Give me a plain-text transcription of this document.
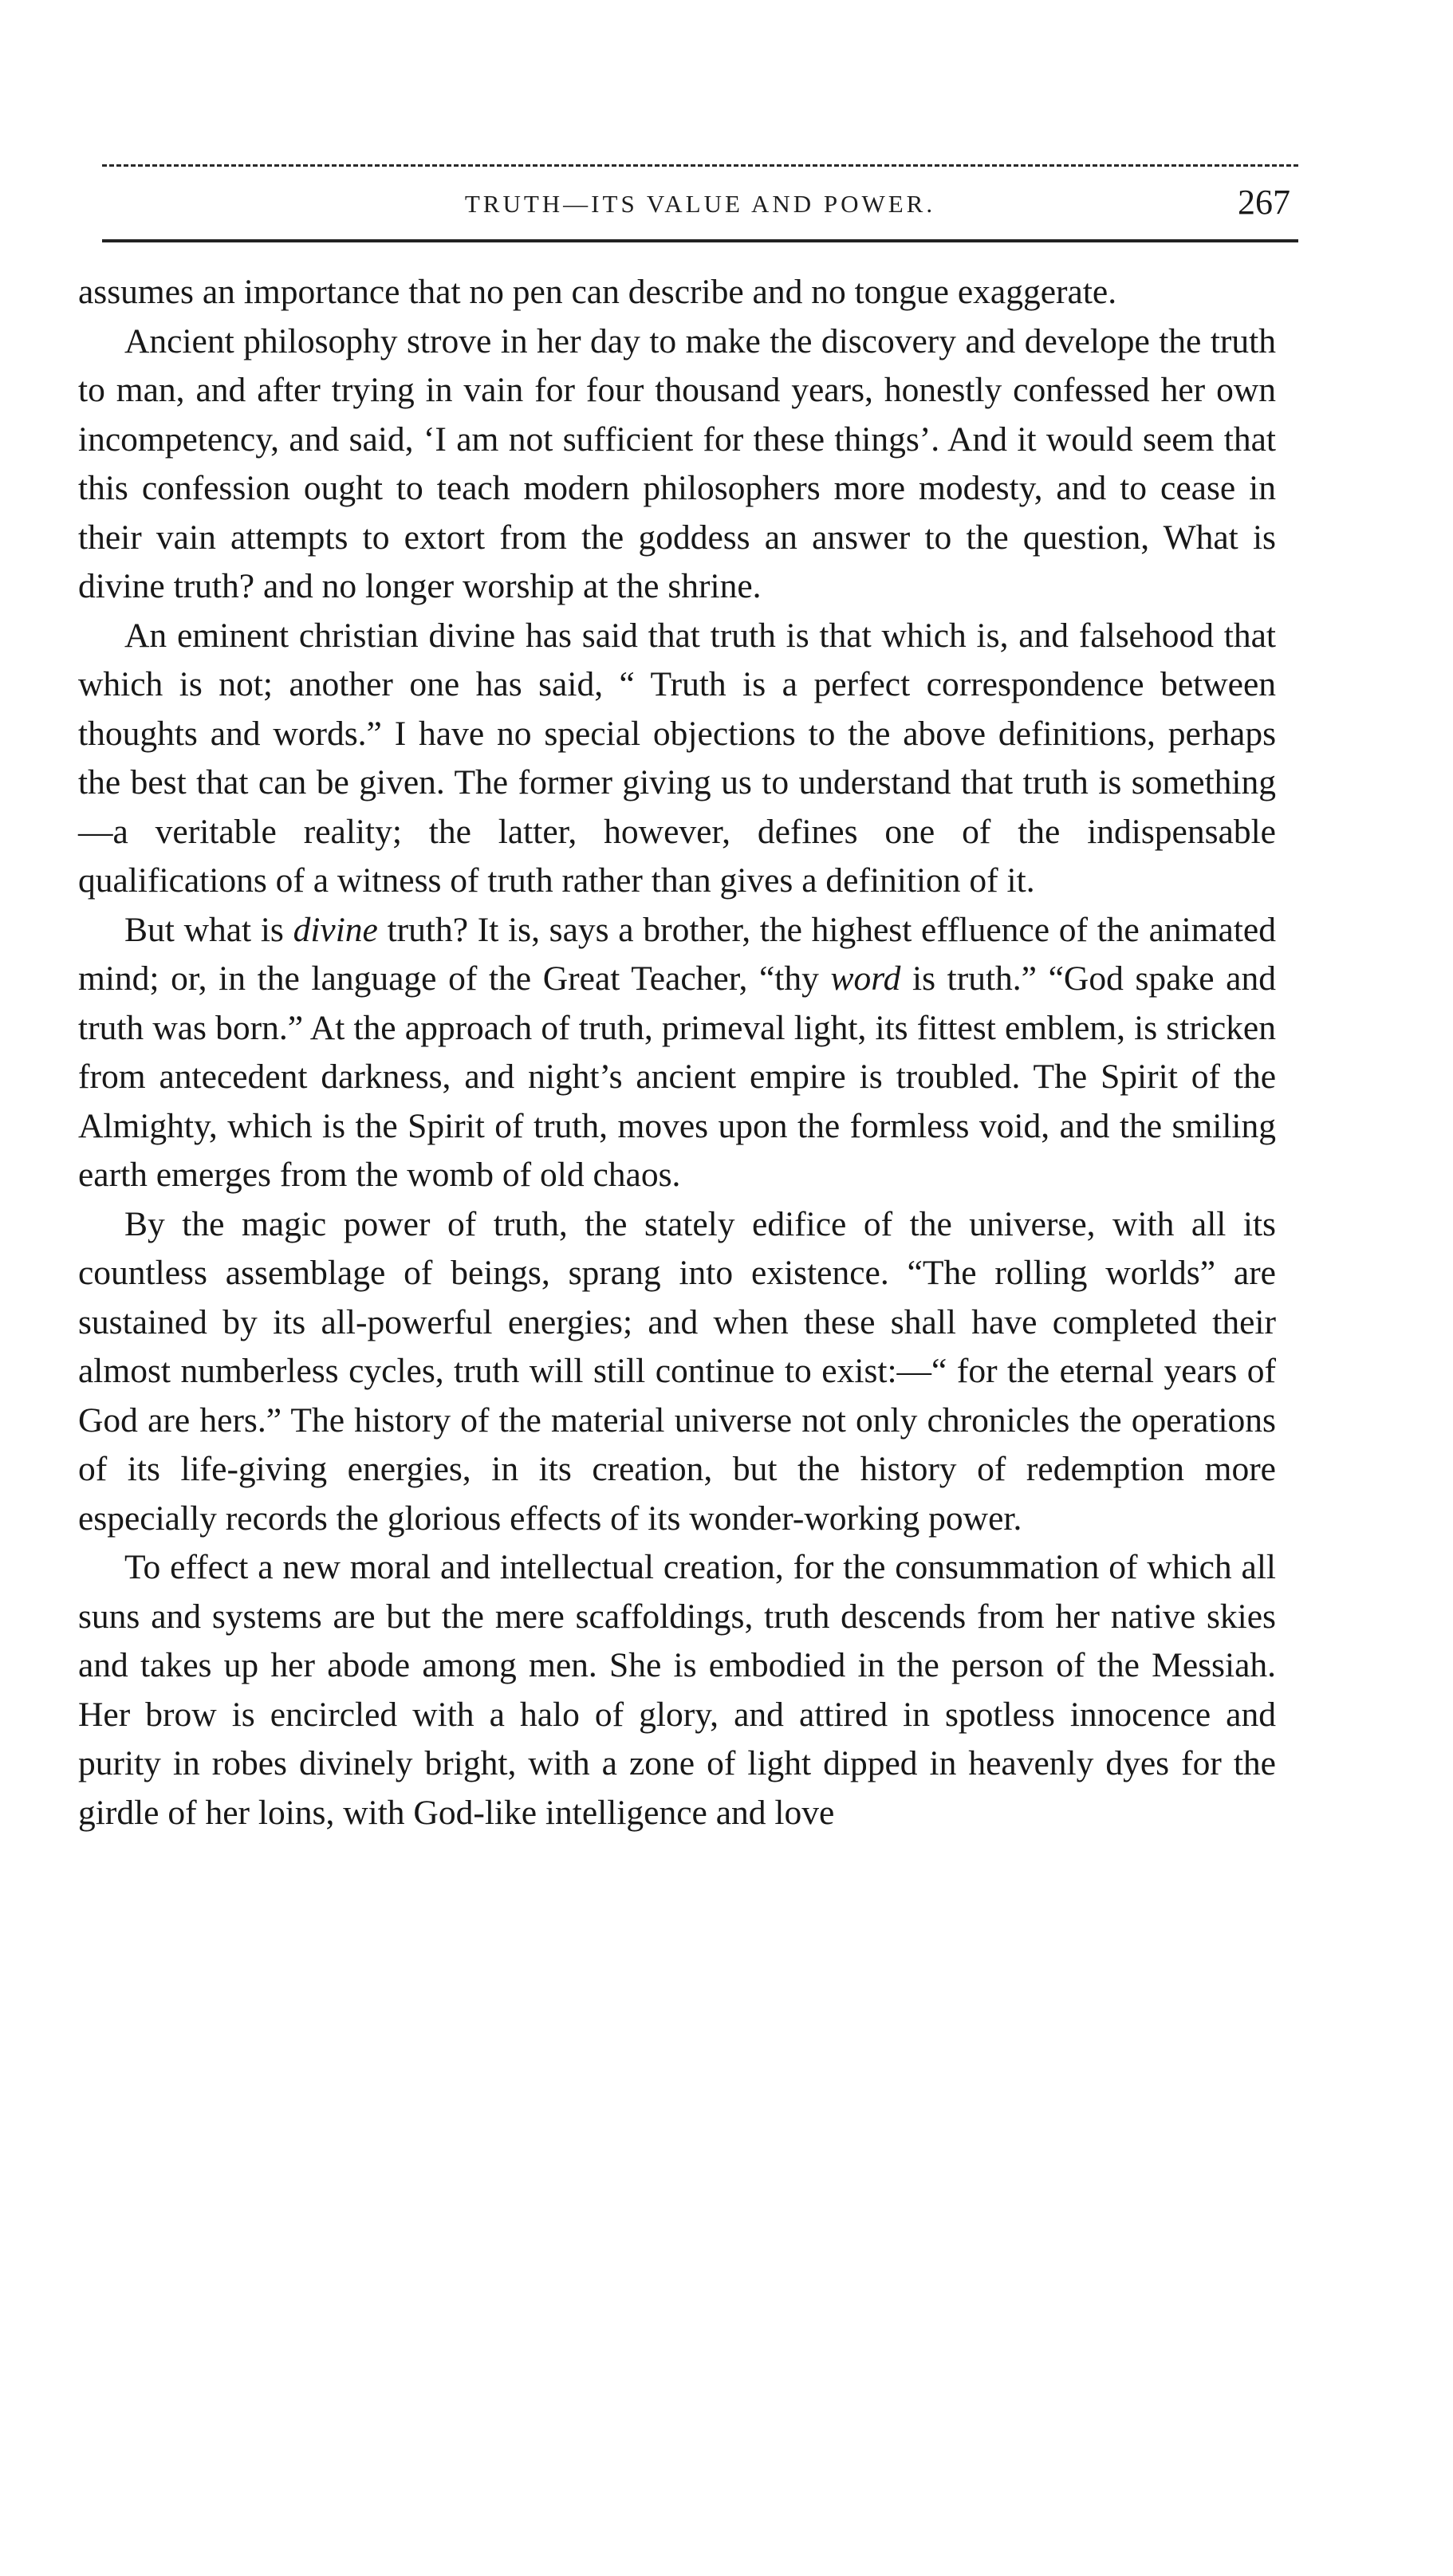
TRUTH—ITS VALUE AND POWER.	267

assumes an importance that no pen can describe and no tongue exaggerate.

Ancient philosophy strove in her day to make the discovery and develope the truth to man, and after trying in vain for four thousand years, honestly confessed her own incompetency, and said, ‘I am not sufficient for these things’. And it would seem that this confession ought to teach modern philosophers more modesty, and to cease in their vain attempts to extort from the goddess an answer to the question, What is divine truth? and no longer worship at the shrine.

An eminent christian divine has said that truth is that which is, and falsehood that which is not; another one has said, “ Truth is a perfect correspondence between thoughts and words.” I have no special objections to the above definitions, perhaps the best that can be given. The former giving us to understand that truth is something—a veritable reality; the latter, however, defines one of the indispensable qualifications of a witness of truth rather than gives a definition of it.

But what is divine truth? It is, says a brother, the highest effluence of the animated mind; or, in the language of the Great Teacher, “thy word is truth.” “God spake and truth was born.” At the approach of truth, primeval light, its fittest emblem, is stricken from antecedent darkness, and night’s ancient empire is troubled. The Spirit of the Almighty, which is the Spirit of truth, moves upon the formless void, and the smiling earth emerges from the womb of old chaos.

By the magic power of truth, the stately edifice of the universe, with all its countless assemblage of beings, sprang into existence. “The rolling worlds” are sustained by its all-powerful energies; and when these shall have completed their almost numberless cycles, truth will still continue to exist:—“ for the eternal years of God are hers.” The history of the material universe not only chronicles the operations of its life-giving energies, in its creation, but the history of redemption more especially records the glorious effects of its wonder-working power.

To effect a new moral and intellectual creation, for the consummation of which all suns and systems are but the mere scaffoldings, truth descends from her native skies and takes up her abode among men. She is embodied in the person of the Messiah. Her brow is encircled with a halo of glory, and attired in spotless innocence and purity in robes divinely bright, with a zone of light dipped in heavenly dyes for the girdle of her loins, with God-like intelligence and love
